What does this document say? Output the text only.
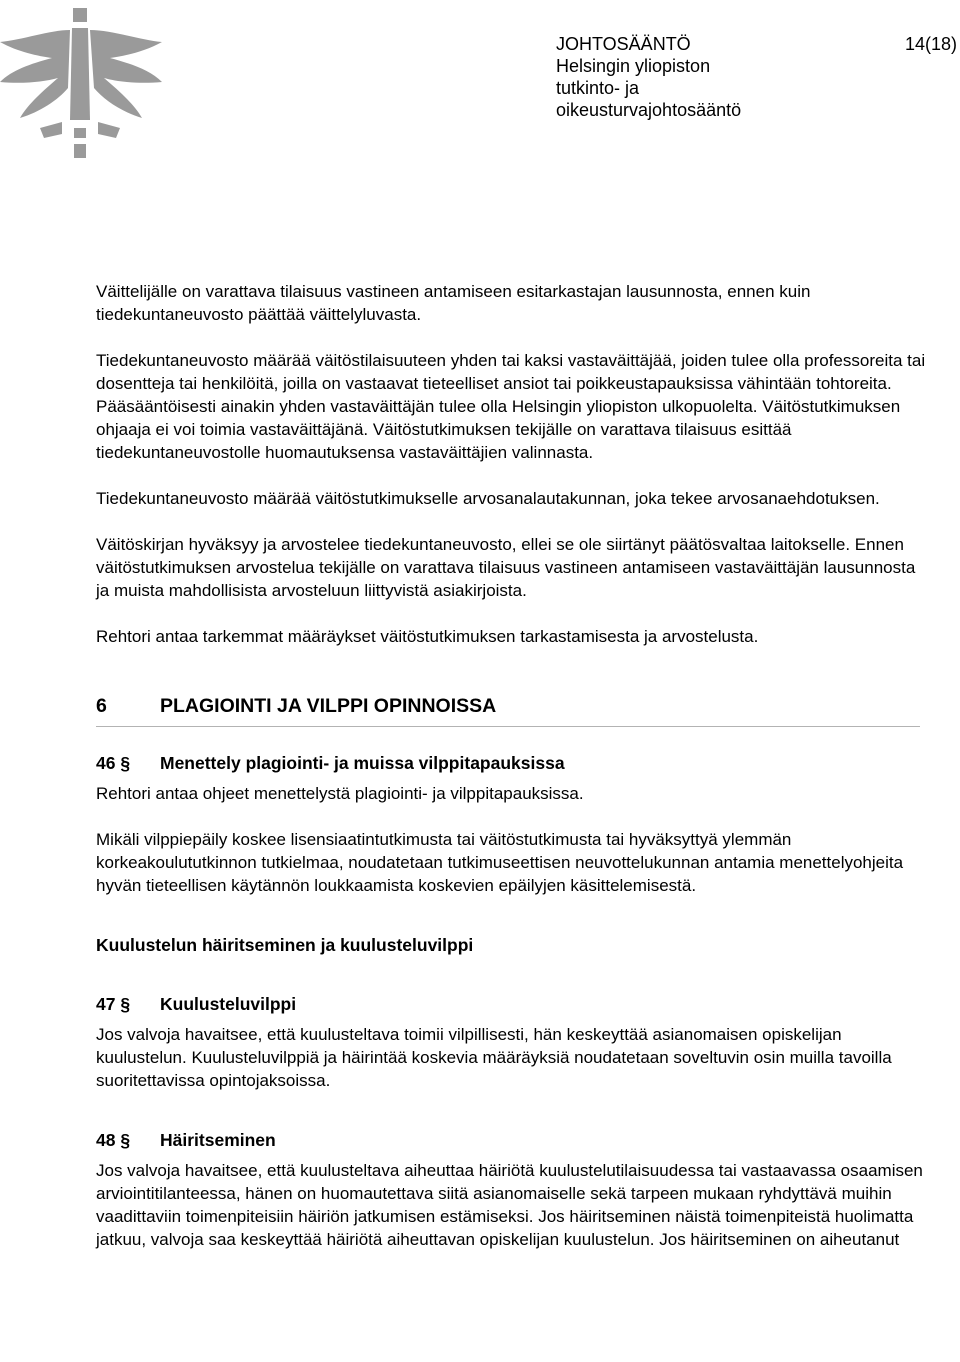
JOHTOSÄÄNTÖ	14(18)
Helsingin yliopiston
tutkinto- ja
oikeusturvajohtosääntö

Väittelijälle on varattava tilaisuus vastineen antamiseen esitarkastajan lausunnosta, ennen kuin tiedekuntaneuvosto päättää väittelyluvasta.

Tiedekuntaneuvosto määrää väitöstilaisuuteen yhden tai kaksi vastaväittäjää, joiden tulee olla professoreita tai dosentteja tai henkilöitä, joilla on vastaavat tieteelliset ansiot tai poikkeustapauksissa vähintään tohtoreita. Pääsääntöisesti ainakin yhden vastaväittäjän tulee olla Helsingin yliopiston ulkopuolelta. Väitöstutkimuksen ohjaaja ei voi toimia vastaväittäjänä. Väitöstutkimuksen tekijälle on varattava tilaisuus esittää tiedekuntaneuvostolle huomautuksensa vastaväittäjien valinnasta.

Tiedekuntaneuvosto määrää väitöstutkimukselle arvosanalautakunnan, joka tekee arvosanaehdotuksen.

Väitöskirjan hyväksyy ja arvostelee tiedekuntaneuvosto, ellei se ole siirtänyt päätösvaltaa laitokselle. Ennen väitöstutkimuksen arvostelua tekijälle on varattava tilaisuus vastineen antamiseen vastaväittäjän lausunnosta ja muista mahdollisista arvosteluun liittyvistä asiakirjoista.

Rehtori antaa tarkemmat määräykset väitöstutkimuksen tarkastamisesta ja arvostelusta.

6	PLAGIOINTI JA VILPPI OPINNOISSA
46 § Menettely plagiointi- ja muissa vilppitapauksissa

Rehtori antaa ohjeet menettelystä plagiointi- ja vilppitapauksissa.

Mikäli vilppiepäily koskee lisensiaatintutkimusta tai väitöstutkimusta tai hyväksyttyä ylemmän korkeakoulututkinnon tutkielmaa, noudatetaan tutkimuseettisen neuvottelukunnan antamia menettelyohjeita hyvän tieteellisen käytännön loukkaamista koskevien epäilyjen käsittelemisestä.

Kuulustelun häiritseminen ja kuulusteluvilppi
47 § Kuulusteluvilppi

Jos valvoja havaitsee, että kuulusteltava toimii vilpillisesti, hän keskeyttää asianomaisen opiskelijan kuulustelun. Kuulusteluvilppiä ja häirintää koskevia määräyksiä noudatetaan soveltuvin osin muilla tavoilla suoritettavissa opintojaksoissa.

48 § Häiritseminen

Jos valvoja havaitsee, että kuulusteltava aiheuttaa häiriötä kuulustelutilaisuudessa tai vastaavassa osaamisen arviointitilanteessa, hänen on huomautettava siitä asianomaiselle sekä tarpeen mukaan ryhdyttävä muihin vaadittaviin toimenpiteisiin häiriön jatkumisen estämiseksi. Jos häiritseminen näistä toimenpiteistä huolimatta jatkuu, valvoja saa keskeyttää häiriötä aiheuttavan opiskelijan kuulustelun. Jos häiritseminen on aiheutanut
